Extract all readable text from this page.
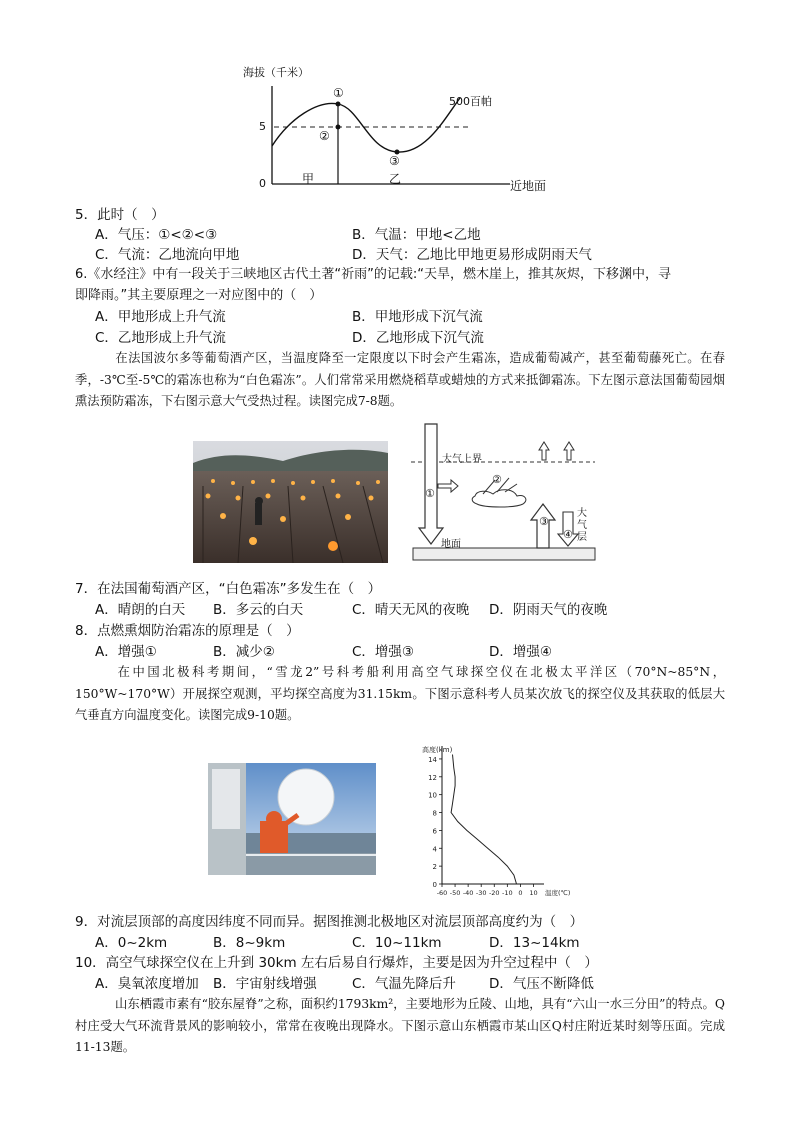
海拔（千米）
5
0
500百帕
①
②
③
甲	乙	近地面
5．此时（　）
A．气压：①<②<③	B．气温：甲地<乙地
C．气流：乙地流向甲地	D．天气：乙地比甲地更易形成阴雨天气
6.《水经注》中有一段关于三峡地区古代土著“祈雨”的记载:“天旱，燃木崖上，推其灰烬，下移渊中，寻
即降雨。”其主要原理之一对应图中的（　）
A．甲地形成上升气流	B．甲地形成下沉气流
C．乙地形成上升气流	D．乙地形成下沉气流
在法国波尔多等葡萄酒产区，当温度降至一定限度以下时会产生霜冻，造成葡萄减产，甚至葡萄藤死亡。在春季，-3℃至-5℃的霜冻也称为“白色霜冻”。人们常常采用燃烧稻草或蜡烛的方式来抵御霜冻。下左图示意法国葡萄园烟熏法预防霜冻，下右图示意大气受热过程。读图完成7-8题。
大气上界
地面
大气层
①
②
③
④
7．在法国葡萄酒产区，“白色霜冻”多发生在（　）
A．晴朗的白天 B．多云的白天	C．晴天无风的夜晚 D．阴雨天气的夜晚
8．点燃熏烟防治霜冻的原理是（　）
A．增强①	B．减少②	C．增强③	D．增强④
在中国北极科考期间，“雪龙2”号科考船利用高空气球探空仪在北极太平洋区（70°N~85°N，150°W~170°W）开展探空观测，平均探空高度为31.15km。下图示意科考人员某次放飞的探空仪及其获取的低层大气垂直方向温度变化。读图完成9-10题。
0
2
4
6
8
10
12
14
-60 -50 -40 -30 -20 -10 0 10
高度(km)
温度(℃)
9．对流层顶部的高度因纬度不同而异。据图推测北极地区对流层顶部高度约为（　）
A．0~2km	B．8~9km	C．10~11km	D．13~14km
10．高空气球探空仪在上升到 30km 左右后易自行爆炸，主要是因为升空过程中（　）
A．臭氧浓度增加 B．宇宙射线增强	C．气温先降后升 D．气压不断降低
山东栖霞市素有“胶东屋脊”之称，面积约1793km²，主要地形为丘陵、山地，具有“六山一水三分田”的特点。Q村庄受大气环流背景风的影响较小，常常在夜晚出现降水。下图示意山东栖霞市某山区Q村庄附近某时刻等压面。完成11-13题。
